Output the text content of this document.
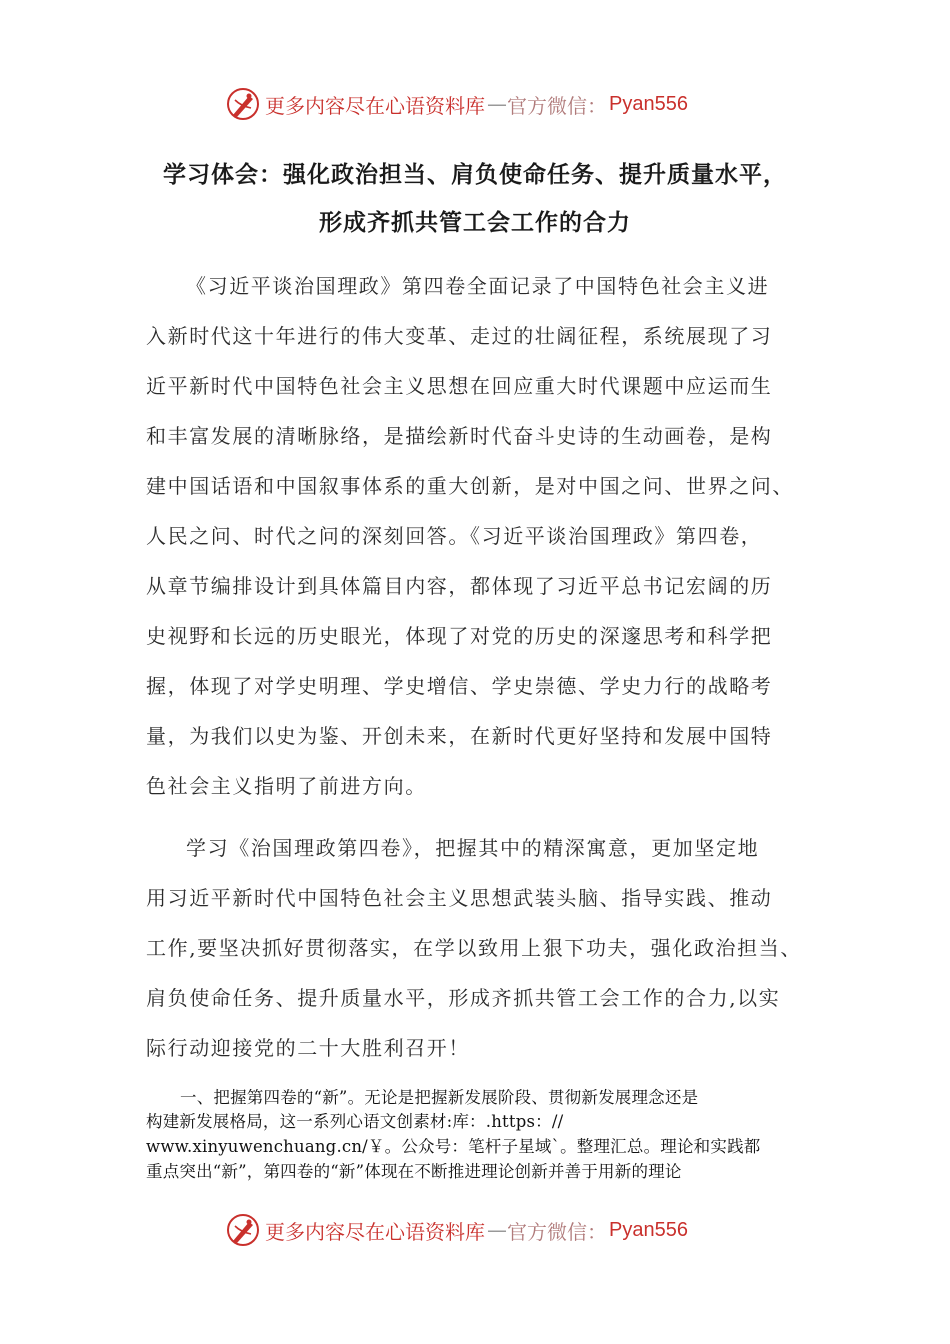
更多内容尽在心语资料库 — 官方微信： Pyan556
学习体会：强化政治担当、肩负使命任务、提升质量水平，
形成齐抓共管工会工作的合力

《习近平谈治国理政》第四卷全面记录了中国特色社会主义进

入新时代这十年进行的伟大变革、走过的壮阔征程，系统展现了习

近平新时代中国特色社会主义思想在回应重大时代课题中应运而生

和丰富发展的清晰脉络，是描绘新时代奋斗史诗的生动画卷，是构

建中国话语和中国叙事体系的重大创新，是对中国之问、世界之问、

人民之问、时代之问的深刻回答。《习近平谈治国理政》第四卷，

从章节编排设计到具体篇目内容，都体现了习近平总书记宏阔的历

史视野和长远的历史眼光，体现了对党的历史的深邃思考和科学把

握，体现了对学史明理、学史增信、学史崇德、学史力行的战略考

量，为我们以史为鉴、开创未来，在新时代更好坚持和发展中国特

色社会主义指明了前进方向。

学习《治国理政第四卷》，把握其中的精深寓意，更加坚定地

用习近平新时代中国特色社会主义思想武装头脑、指导实践、推动

工作,要坚决抓好贯彻落实，在学以致用上狠下功夫，强化政治担当、

肩负使命任务、提升质量水平，形成齐抓共管工会工作的合力,以实

际行动迎接党的二十大胜利召开！

一、把握第四卷的“新”。无论是把握新发展阶段、贯彻新发展理念还是

构建新发展格局，这一系列心语文创素材:库：.https：//

www.xinyuwenchuang.cn/￥。公众号：笔杆子星域`。整理汇总。理论和实践都

重点突出“新”，第四卷的“新”体现在不断推进理论创新并善于用新的理论

更多内容尽在心语资料库 — 官方微信： Pyan556
